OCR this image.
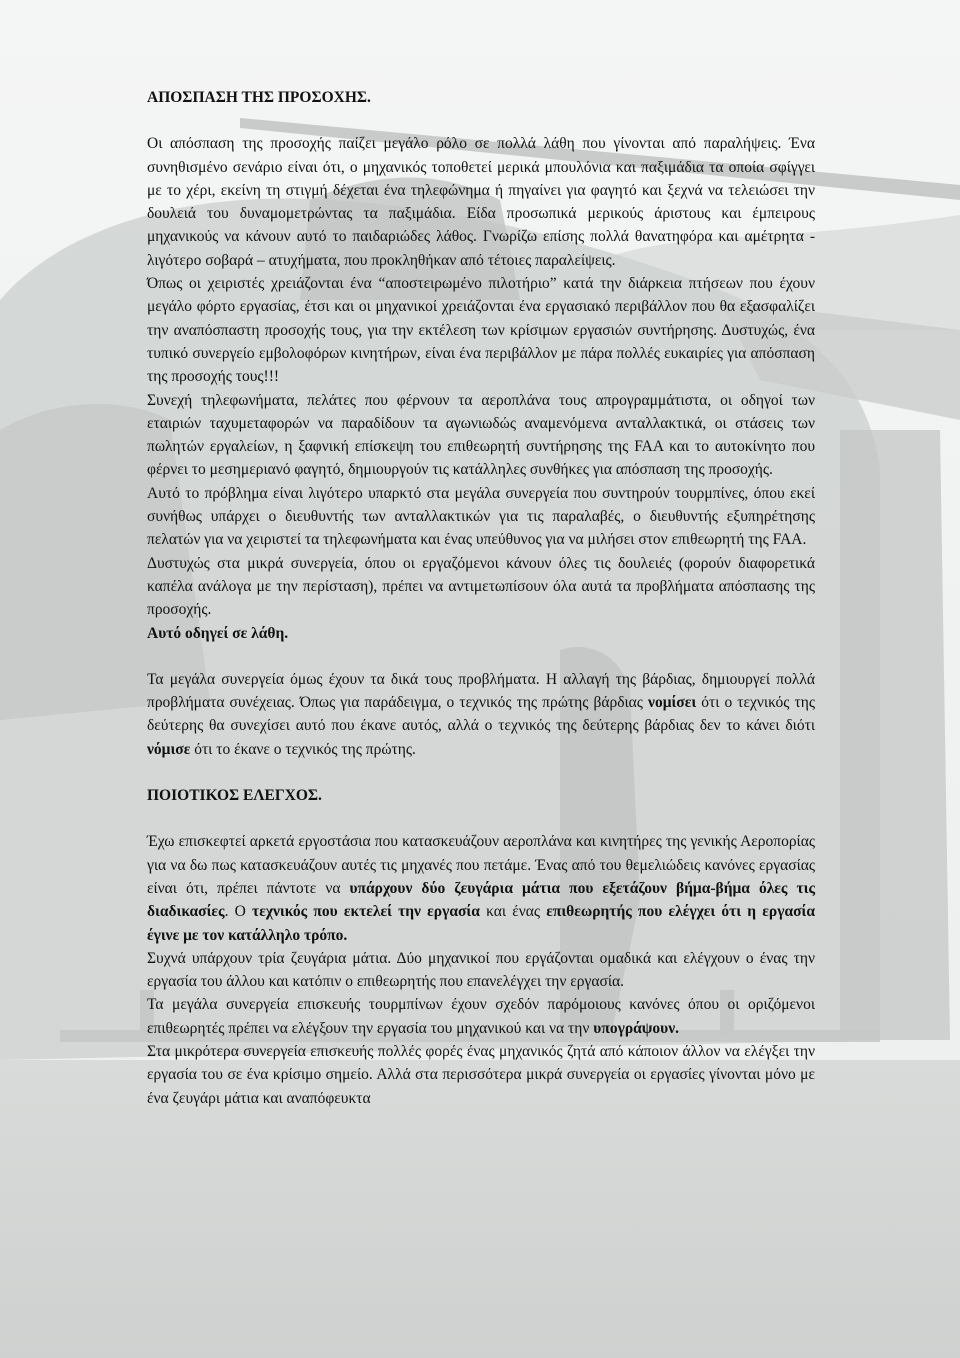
ΑΠΟΣΠΑΣΗ ΤΗΣ ΠΡΟΣΟΧΗΣ.

Οι απόσπαση της προσοχής παίζει μεγάλο ρόλο σε πολλά λάθη που γίνονται από παραλήψεις. Ένα συνηθισμένο σενάριο είναι ότι, ο μηχανικός τοποθετεί μερικά μπουλόνια και παξιμάδια τα οποία σφίγγει με το χέρι, εκείνη τη στιγμή δέχεται ένα τηλεφώνημα ή πηγαίνει για φαγητό και ξεχνά να τελειώσει την δουλειά του δυναμομετρώντας τα παξιμάδια. Είδα προσωπικά μερικούς άριστους και έμπειρους μηχανικούς να κάνουν αυτό το παιδαριώδες λάθος. Γνωρίζω επίσης πολλά θανατηφόρα και αμέτρητα - λιγότερο σοβαρά – ατυχήματα, που προκληθήκαν από τέτοιες παραλείψεις.

Όπως οι χειριστές χρειάζονται ένα “αποστειρωμένο πιλοτήριο” κατά την διάρκεια πτήσεων που έχουν μεγάλο φόρτο εργασίας, έτσι και οι μηχανικοί χρειάζονται ένα εργασιακό περιβάλλον που θα εξασφαλίζει την αναπόσπαστη προσοχής τους, για την εκτέλεση των κρίσιμων εργασιών συντήρησης. Δυστυχώς, ένα τυπικό συνεργείο εμβολοφόρων κινητήρων, είναι ένα περιβάλλον με πάρα πολλές ευκαιρίες για απόσπαση της προσοχής τους!!!

Συνεχή τηλεφωνήματα, πελάτες που φέρνουν τα αεροπλάνα τους απρογραμμάτιστα, οι οδηγοί των εταιριών ταχυμεταφορών να παραδίδουν τα αγωνιωδώς αναμενόμενα ανταλλακτικά, οι στάσεις των πωλητών εργαλείων, η ξαφνική επίσκεψη του επιθεωρητή συντήρησης της FAA και το αυτοκίνητο που φέρνει το μεσημεριανό φαγητό, δημιουργούν τις κατάλληλες συνθήκες για απόσπαση της προσοχής.

Αυτό το πρόβλημα είναι λιγότερο υπαρκτό στα μεγάλα συνεργεία που συντηρούν τουρμπίνες, όπου εκεί συνήθως υπάρχει ο διευθυντής των ανταλλακτικών για τις παραλαβές, ο διευθυντής εξυπηρέτησης πελατών για να χειριστεί τα τηλεφωνήματα και ένας υπεύθυνος για να μιλήσει στον επιθεωρητή της FAA.

Δυστυχώς στα μικρά συνεργεία, όπου οι εργαζόμενοι κάνουν όλες τις δουλειές (φορούν διαφορετικά καπέλα ανάλογα με την περίσταση), πρέπει να αντιμετωπίσουν όλα αυτά τα προβλήματα απόσπασης της προσοχής.

Αυτό οδηγεί σε λάθη.

Τα μεγάλα συνεργεία όμως έχουν τα δικά τους προβλήματα. Η αλλαγή της βάρδιας, δημιουργεί πολλά προβλήματα συνέχειας. Όπως για παράδειγμα, ο τεχνικός της πρώτης βάρδιας νομίσει ότι ο τεχνικός της δεύτερης θα συνεχίσει αυτό που έκανε αυτός, αλλά ο τεχνικός της δεύτερης βάρδιας δεν το κάνει διότι νόμισε ότι το έκανε ο τεχνικός της πρώτης.

ΠΟΙΟΤΙΚΟΣ ΕΛΕΓΧΟΣ.

Έχω επισκεφτεί αρκετά εργοστάσια που κατασκευάζουν αεροπλάνα και κινητήρες της γενικής Αεροπορίας για να δω πως κατασκευάζουν αυτές τις μηχανές που πετάμε. Ένας από του θεμελιώδεις κανόνες εργασίας είναι ότι, πρέπει πάντοτε να υπάρχουν δύο ζευγάρια μάτια που εξετάζουν βήμα-βήμα όλες τις διαδικασίες. Ο τεχνικός που εκτελεί την εργασία και ένας επιθεωρητής που ελέγχει ότι η εργασία έγινε με τον κατάλληλο τρόπο.

Συχνά υπάρχουν τρία ζευγάρια μάτια. Δύο μηχανικοί που εργάζονται ομαδικά και ελέγχουν ο ένας την εργασία του άλλου και κατόπιν ο επιθεωρητής που επανελέγχει την εργασία.

Τα μεγάλα συνεργεία επισκευής τουρμπίνων έχουν σχεδόν παρόμοιους κανόνες όπου οι οριζόμενοι επιθεωρητές πρέπει να ελέγξουν την εργασία του μηχανικού και να την υπογράψουν.

Στα μικρότερα συνεργεία επισκευής πολλές φορές ένας μηχανικός ζητά από κάποιον άλλον να ελέγξει την εργασία του σε ένα κρίσιμο σημείο. Αλλά στα περισσότερα μικρά συνεργεία οι εργασίες γίνονται μόνο με ένα ζευγάρι μάτια και αναπόφευκτα
